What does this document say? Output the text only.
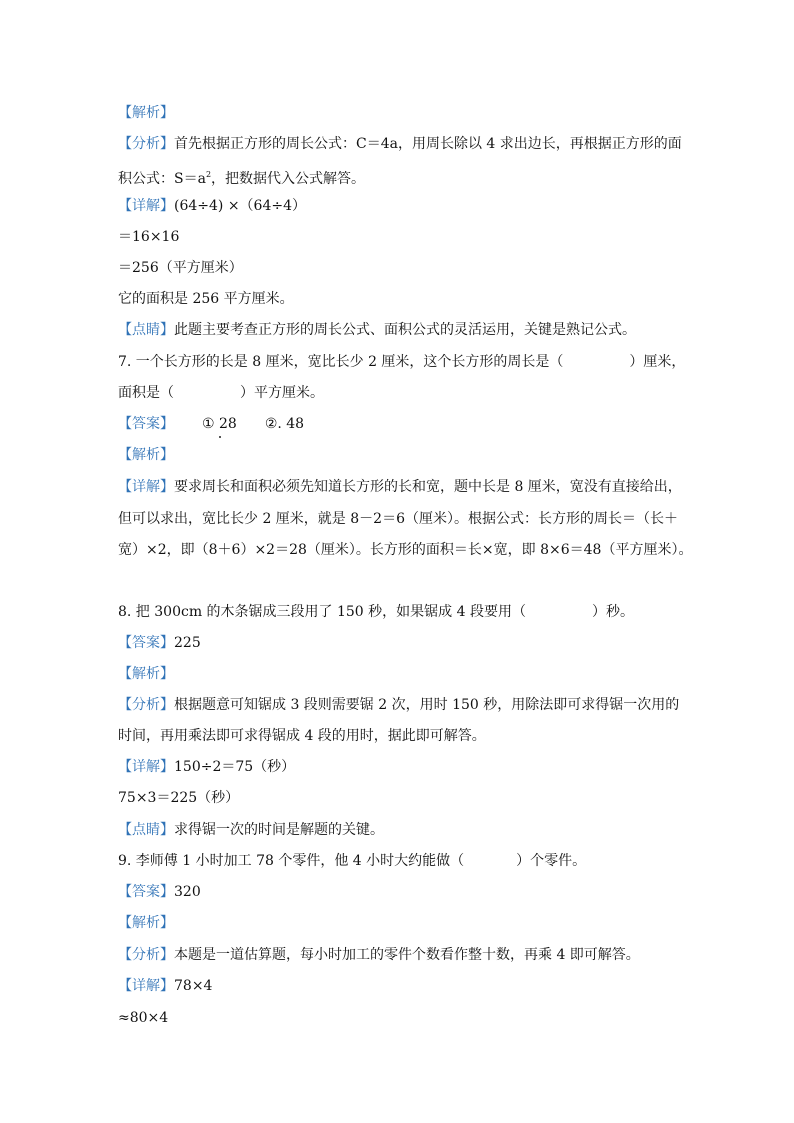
【解析】
【分析】首先根据正方形的周长公式：C＝4a，用周长除以 4 求出边长，再根据正方形的面
积公式：$S=a^2$，把数据代入公式解答。
【详解】(64÷4) ×（64÷4）
＝16×16
＝256（平方厘米）
它的面积是 256 平方厘米。
【点睛】此题主要考查正方形的周长公式、面积公式的灵活运用，关键是熟记公式。
7. 一个长方形的长是 8 厘米，宽比长少 2 厘米，这个长方形的周长是（	）厘米，
面积是（	）平方厘米。
【答案】 ① 28 ②. 48
【解析】
【详解】要求周长和面积必须先知道长方形的长和宽，题中长是 8 厘米，宽没有直接给出，
但可以求出，宽比长少 2 厘米，就是 8－2＝6（厘米）。根据公式：长方形的周长＝（长＋
宽）×2，即（8＋6）×2＝28（厘米）。长方形的面积＝长×宽，即 8×6＝48（平方厘米）。
8. 把 300cm 的木条锯成三段用了 150 秒，如果锯成 4 段要用（	）秒。
【答案】225
【解析】
【分析】根据题意可知锯成 3 段则需要锯 2 次，用时 150 秒，用除法即可求得锯一次用的
时间，再用乘法即可求得锯成 4 段的用时，据此即可解答。
【详解】150÷2＝75（秒）
75×3＝225（秒）
【点睛】求得锯一次的时间是解题的关键。
9. 李师傅 1 小时加工 78 个零件，他 4 小时大约能做（	）个零件。
【答案】320
【解析】
【分析】本题是一道估算题，每小时加工的零件个数看作整十数，再乘 4 即可解答。
【详解】78×4
≈80×4
